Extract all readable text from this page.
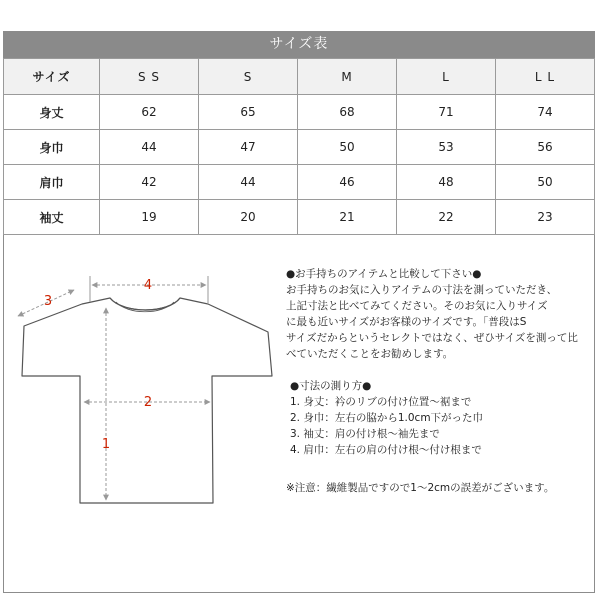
サイズ表
サイズ	S S	S	M	L	L L
身丈	62	65	68	71	74
身巾	44	47	50	53	56
肩巾	42	44	46	48	50
袖丈	19	20	21	22	23
4
3
2
1

●お手持ちのアイテムと比較して下さい●

お手持ちのお気に入りアイテムの寸法を測っていただき、

上記寸法と比べてみてください。そのお気に入りサイズ

に最も近いサイズがお客様のサイズです。「普段はS

サイズだからというセレクトではなく、ぜひサイズを測って比

べていただくことをお勧めします。

●寸法の測り方●

1. 身丈：衿のリブの付け位置〜裾まで
2. 身巾：左右の脇から1.0cm下がった巾
3. 袖丈：肩の付け根〜袖先まで
4. 肩巾：左右の肩の付け根〜付け根まで

※注意：繊維製品ですので1〜2cmの誤差がございます。
